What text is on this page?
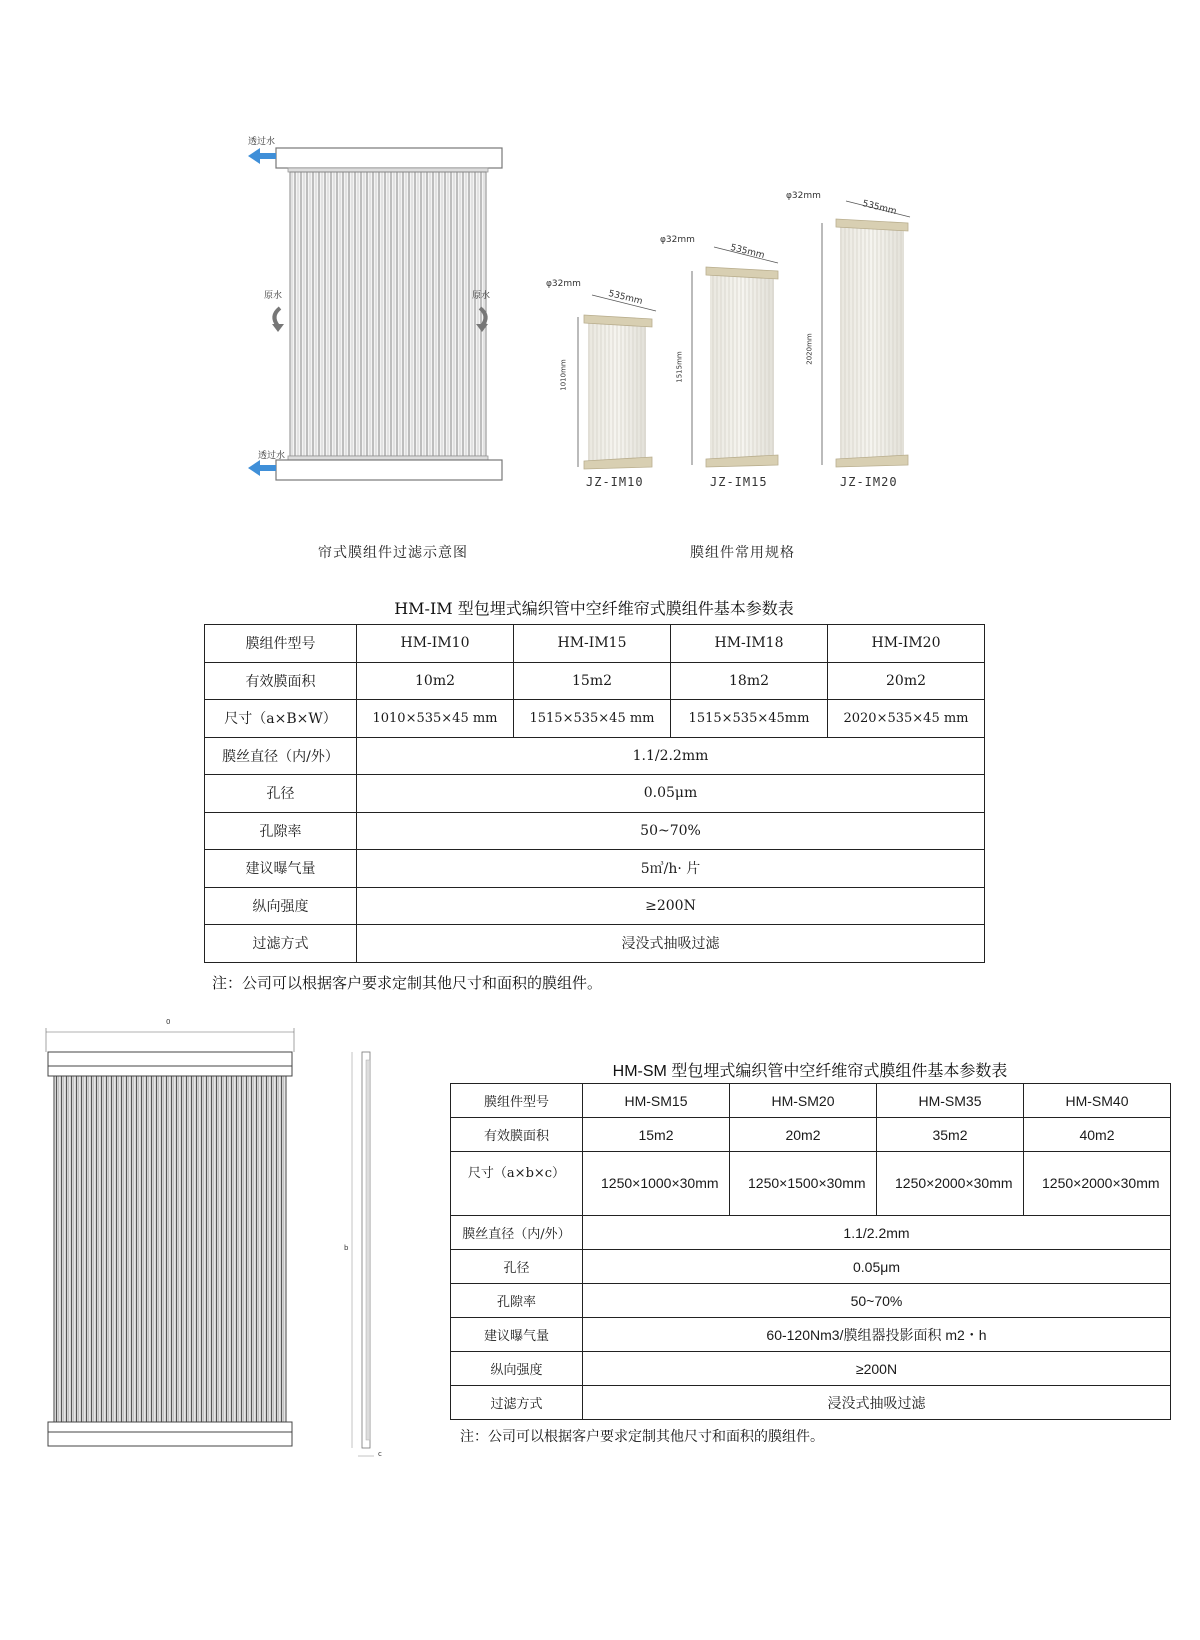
透过水
透过水
原水	原水
帘式膜组件过滤示意图
φ32mm
535mm
1010mm
JZ-IM10
φ32mm
535mm
1515mm
JZ-IM15
φ32mm
535mm
2020mm
JZ-IM20
膜组件常用规格
HM-IM 型包埋式编织管中空纤维帘式膜组件基本参数表
膜组件型号	HM-IM10	HM-IM15	HM-IM18	HM-IM20
有效膜面积	10m2	15m2	18m2	20m2
尺寸（a×B×W）	1010×535×45 mm	1515×535×45 mm	1515×535×45mm	2020×535×45 mm
膜丝直径（内/外）	1.1/2.2mm			
孔径	0.05μm			
孔隙率	50~70%			
建议曝气量	5㎥/h· 片			
纵向强度	≥200N			
过滤方式	浸没式抽吸过滤			
注：公司可以根据客户要求定制其他尺寸和面积的膜组件。
0
b
c
HM-SM 型包埋式编织管中空纤维帘式膜组件基本参数表
膜组件型号	HM-SM15	HM-SM20	HM-SM35	HM-SM40
有效膜面积	15m2	20m2	35m2	40m2
尺寸（a×b×c）	1250×1000×30mm	1250×1500×30mm	1250×2000×30mm	1250×2000×30mm
膜丝直径（内/外）	1.1/2.2mm			
孔径	0.05μm			
孔隙率	50~70%			
建议曝气量	60-120Nm3/膜组器投影面积 m2・h			
纵向强度	≥200N			
过滤方式	浸没式抽吸过滤			
注：公司可以根据客户要求定制其他尺寸和面积的膜组件。
